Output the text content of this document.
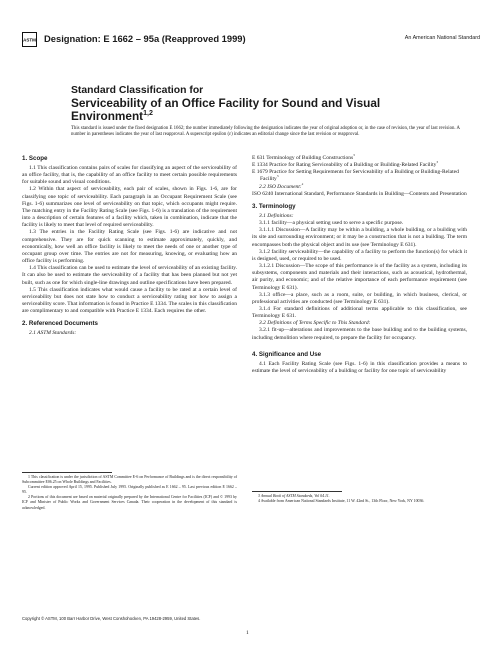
ASTM Designation: E 1662 – 95a (Reapproved 1999)	An American National Standard
Standard Classification for
Serviceability of an Office Facility for Sound and Visual
Environment$^{1,2}$

This standard is issued under the fixed designation E 1662; the number immediately following the designation indicates the year of original adoption or, in the case of revision, the year of last revision. A number in parentheses indicates the year of last reapproval. A superscript epsilon (ε) indicates an editorial change since the last revision or reapproval.

1. Scope

1.1 This classification contains pairs of scales for classifying an aspect of the serviceability of an office facility, that is, the capability of an office facility to meet certain possible requirements for suitable sound and visual conditions.

1.2 Within that aspect of serviceability, each pair of scales, shown in Figs. 1-6, are for classifying one topic of serviceability. Each paragraph in an Occupant Requirement Scale (see Figs. 1-6) summarizes one level of serviceability on that topic, which occupants might require. The matching entry in the Facility Rating Scale (see Figs. 1-6) is a translation of the requirement into a description of certain features of a facility which, taken in combination, indicate that the facility is likely to meet that level of required serviceability.

1.3 The entries in the Facility Rating Scale (see Figs. 1-6) are indicative and not comprehensive. They are for quick scanning to estimate approximately, quickly, and economically, how well an office facility is likely to meet the needs of one or another type of occupant group over time. The entries are not for measuring, knowing, or evaluating how an office facility is performing.

1.4 This classification can be used to estimate the level of serviceability of an existing facility. It can also be used to estimate the serviceability of a facility that has been planned but not yet built, such as one for which single-line drawings and outline specifications have been prepared.

1.5 This classification indicates what would cause a facility to be rated at a certain level of serviceability but does not state how to conduct a serviceability rating nor how to assign a serviceability score. That information is found in Practice E 1334. The scales in this classification are complimentary to and compatible with Practice E 1334. Each requires the other.

2. Referenced Documents

2.1 ASTM Standards:

1 This classification is under the jurisdiction of ASTM Committee E-6 on Performance of Buildings and is the direct responsibility of Subcommittee E06.25 on Whole Buildings and Facilities.

Current edition approved April 15, 1995. Published July 1995. Originally published as E 1662 – 95. Last previous edition E 1662 – 95.

2 Portions of this document are based on material originally prepared by the International Centre for Facilities (ICF) and © 1993 by ICF and Minister of Public Works and Government Services Canada. Their cooperation in the development of this standard is acknowledged.

E 631 Terminology of Building Constructions$^3$

E 1334 Practice for Rating Serviceability of a Building or Building-Related Facility$^3$

E 1679 Practice for Setting Requirements for Serviceability of a Building or Building-Related Facility$^3$

2.2 ISO Document:$^4$

ISO 6240 International Standard, Performance Standards in Building—Contents and Presentation

3. Terminology

3.1 Definitions:

3.1.1 facility—a physical setting used to serve a specific purpose.

3.1.1.1 Discussion—A facility may be within a building, a whole building, or a building with its site and surrounding environment; or it may be a construction that is not a building. The term encompasses both the physical object and its use (see Terminology E 631).

3.1.2 facility serviceability—the capability of a facility to perform the function(s) for which it is designed, used, or required to be used.

3.1.2.1 Discussion—The scope of this performance is of the facility as a system, including its subsystems, components and materials and their interactions, such as acoustical, hydrothermal, air purity, and economic; and of the relative importance of each performance requirement (see Terminology E 631).

3.1.3 office—a place, such as a room, suite, or building, in which business, clerical, or professional activities are conducted (see Terminology E 631).

3.1.4 For standard definitions of additional terms applicable to this classification, see Terminology E 631.

3.2 Definitions of Terms Specific to This Standard:

3.2.1 fit-up—alterations and improvements to the base building and to the building systems, including demolition where required, to prepare the facility for occupancy.

4. Significance and Use

4.1 Each Facility Rating Scale (see Figs. 1-6) in this classification provides a means to estimate the level of serviceability of a building or facility for one topic of serviceability

3 Annual Book of ASTM Standards, Vol 04.11.

4 Available from American National Standards Institute, 11 W. 42nd St., 13th Floor, New York, NY 10036.

Copyright © ASTM, 100 Barr Harbor Drive, West Conshohocken, PA 19428-2959, United States.
1
